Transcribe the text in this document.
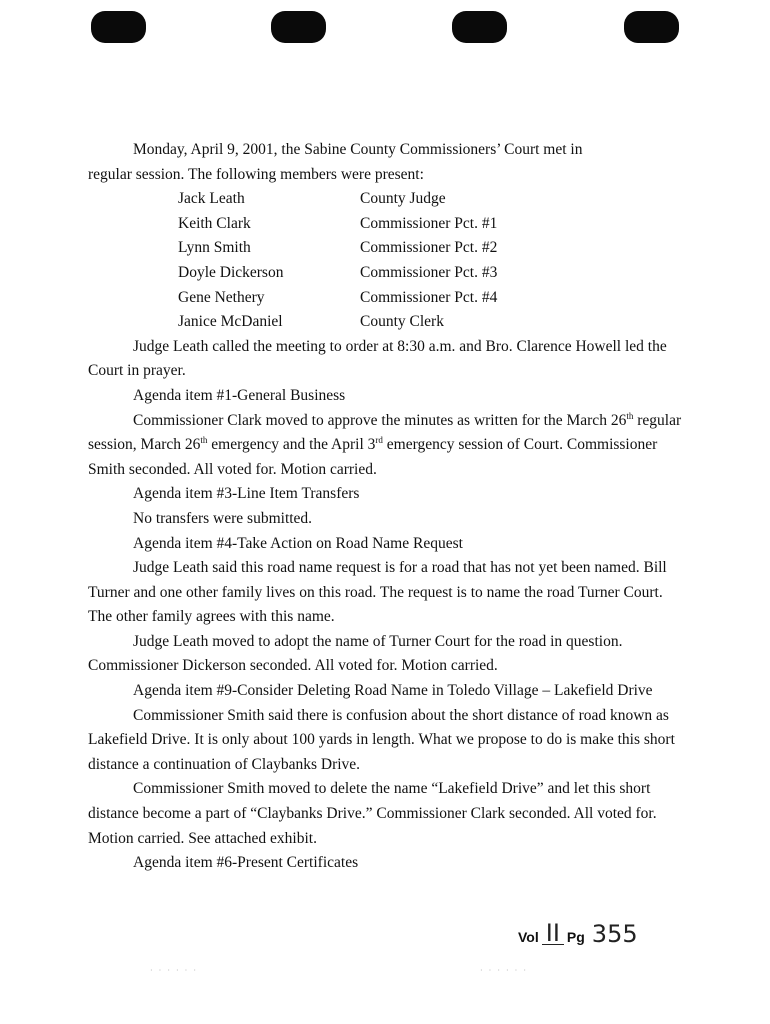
Monday, April 9, 2001, the Sabine County Commissioners’ Court met in
regular session. The following members were present:

Jack Leath	County Judge
Keith Clark	Commissioner Pct. #1
Lynn Smith	Commissioner Pct. #2
Doyle Dickerson	Commissioner Pct. #3
Gene Nethery	Commissioner Pct. #4
Janice McDaniel	County Clerk

Judge Leath called the meeting to order at 8:30 a.m. and Bro. Clarence Howell led the Court in prayer.

Agenda item #1-General Business

Commissioner Clark moved to approve the minutes as written for the March 26th regular session, March 26th emergency and the April 3rd emergency session of Court. Commissioner Smith seconded. All voted for. Motion carried.

Agenda item #3-Line Item Transfers

No transfers were submitted.

Agenda item #4-Take Action on Road Name Request

Judge Leath said this road name request is for a road that has not yet been named. Bill Turner and one other family lives on this road. The request is to name the road Turner Court. The other family agrees with this name.

Judge Leath moved to adopt the name of Turner Court for the road in question. Commissioner Dickerson seconded. All voted for. Motion carried.

Agenda item #9-Consider Deleting Road Name in Toledo Village – Lakefield Drive

Commissioner Smith said there is confusion about the short distance of road known as Lakefield Drive. It is only about 100 yards in length. What we propose to do is make this short distance a continuation of Claybanks Drive.

Commissioner Smith moved to delete the name “Lakefield Drive” and let this short distance become a part of “Claybanks Drive.” Commissioner Clark seconded. All voted for. Motion carried. See attached exhibit.

Agenda item #6-Present Certificates

Vol II Pg 355
· · · · · ·	· · · · · ·
